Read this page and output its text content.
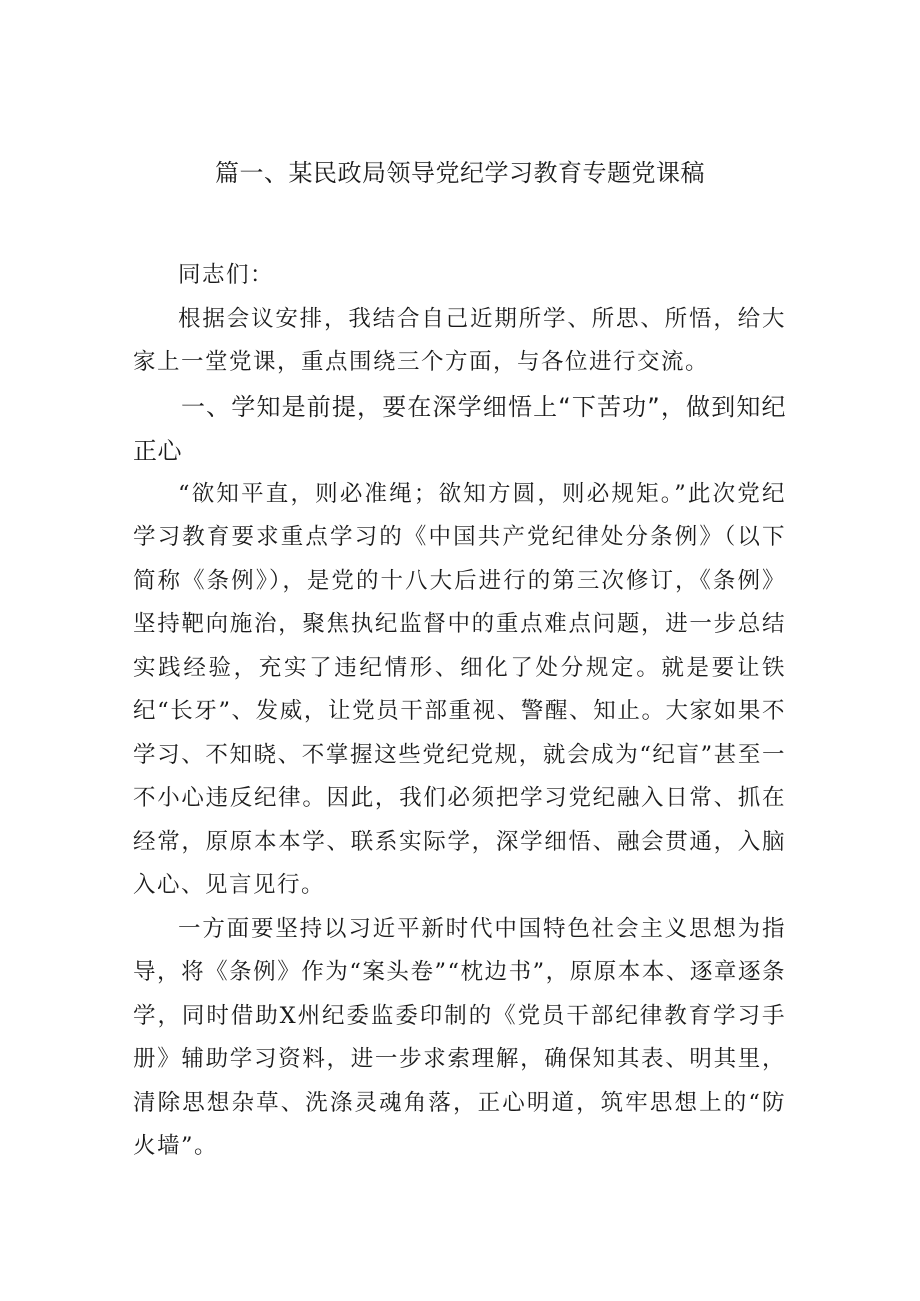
篇一、某民政局领导党纪学习教育专题党课稿

同志们：

根据会议安排，我结合自己近期所学、所思、所悟，给大家上一堂党课，重点围绕三个方面，与各位进行交流。

一、学知是前提，要在深学细悟上“下苦功”，做到知纪正心

“欲知平直，则必准绳；欲知方圆，则必规矩。”此次党纪学习教育要求重点学习的《中国共产党纪律处分条例》（以下简称《条例》），是党的十八大后进行的第三次修订，《条例》坚持靶向施治，聚焦执纪监督中的重点难点问题，进一步总结实践经验，充实了违纪情形、细化了处分规定。就是要让铁纪“长牙”、发威，让党员干部重视、警醒、知止。大家如果不学习、不知晓、不掌握这些党纪党规，就会成为“纪盲”甚至一不小心违反纪律。因此，我们必须把学习党纪融入日常、抓在经常，原原本本学、联系实际学，深学细悟、融会贯通，入脑入心、见言见行。

一方面要坚持以习近平新时代中国特色社会主义思想为指导，将《条例》作为“案头卷”“枕边书”，原原本本、逐章逐条学，同时借助X州纪委监委印制的《党员干部纪律教育学习手册》辅助学习资料，进一步求索理解，确保知其表、明其里，清除思想杂草、洗涤灵魂角落，正心明道，筑牢思想上的“防火墙”。
